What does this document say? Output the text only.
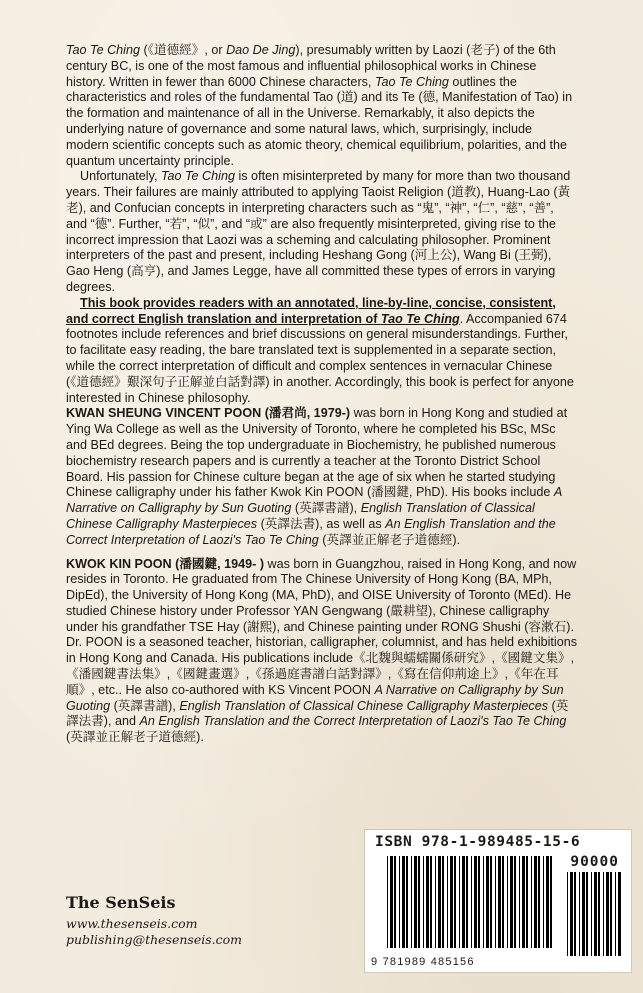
Tao Te Ching (《道德經》, or Dao De Jing), presumably written by Laozi (老子) of the 6th century BC, is one of the most famous and influential philosophical works in Chinese history. Written in fewer than 6000 Chinese characters, Tao Te Ching outlines the characteristics and roles of the fundamental Tao (道) and its Te (德, Manifestation of Tao) in the formation and maintenance of all in the Universe. Remarkably, it also depicts the underlying nature of governance and some natural laws, which, surprisingly, include modern scientific concepts such as atomic theory, chemical equilibrium, polarities, and the quantum uncertainty principle.

Unfortunately, Tao Te Ching is often misinterpreted by many for more than two thousand years. Their failures are mainly attributed to applying Taoist Religion (道教), Huang-Lao (黃老), and Confucian concepts in interpreting characters such as “鬼”, “神”, “仁”, “慈”, “善”, and “德”. Further, “若”, “似”, and “或” are also frequently misinterpreted, giving rise to the incorrect impression that Laozi was a scheming and calculating philosopher. Prominent interpreters of the past and present, including Heshang Gong (河上公), Wang Bi (王弼), Gao Heng (高亨), and James Legge, have all committed these types of errors in varying degrees.

This book provides readers with an annotated, line-by-line, concise, consistent, and correct English translation and interpretation of Tao Te Ching. Accompanied 674 footnotes include references and brief discussions on general misunderstandings. Further, to facilitate easy reading, the bare translated text is supplemented in a separate section, while the correct interpretation of difficult and complex sentences in vernacular Chinese (《道德經》艱深句子正解並白話對譯) in another. Accordingly, this book is perfect for anyone interested in Chinese philosophy.

KWAN SHEUNG VINCENT POON (潘君尚, 1979-) was born in Hong Kong and studied at Ying Wa College as well as the University of Toronto, where he completed his BSc, MSc and BEd degrees. Being the top undergraduate in Biochemistry, he published numerous biochemistry research papers and is currently a teacher at the Toronto District School Board. His passion for Chinese culture began at the age of six when he started studying Chinese calligraphy under his father Kwok Kin POON (潘國鍵, PhD). His books include A Narrative on Calligraphy by Sun Guoting (英譯書譜), English Translation of Classical Chinese Calligraphy Masterpieces (英譯法書), as well as An English Translation and the Correct Interpretation of Laozi's Tao Te Ching (英譯並正解老子道德經).

KWOK KIN POON (潘國鍵, 1949- ) was born in Guangzhou, raised in Hong Kong, and now resides in Toronto. He graduated from The Chinese University of Hong Kong (BA, MPh, DipEd), the University of Hong Kong (MA, PhD), and OISE University of Toronto (MEd). He studied Chinese history under Professor YAN Gengwang (嚴耕望), Chinese calligraphy under his grandfather TSE Hay (謝熙), and Chinese painting under RONG Shushi (容漱石). Dr. POON is a seasoned teacher, historian, calligrapher, columnist, and has held exhibitions in Hong Kong and Canada. His publications include《北魏與蠕蠕關係研究》,《國鍵文集》,《潘國鍵書法集》,《國鍵畫選》,《孫過庭書譜白話對譯》,《寫在信仰荊途上》,《年在耳順》, etc.. He also co-authored with KS Vincent POON A Narrative on Calligraphy by Sun Guoting (英譯書譜), English Translation of Classical Chinese Calligraphy Masterpieces (英譯法書), and An English Translation and the Correct Interpretation of Laozi's Tao Te Ching (英譯並正解老子道德經).

The SenSeis
www.thesenseis.com
publishing@thesenseis.com
ISBN 978-1-989485-15-6
90000
9 781989 485156
